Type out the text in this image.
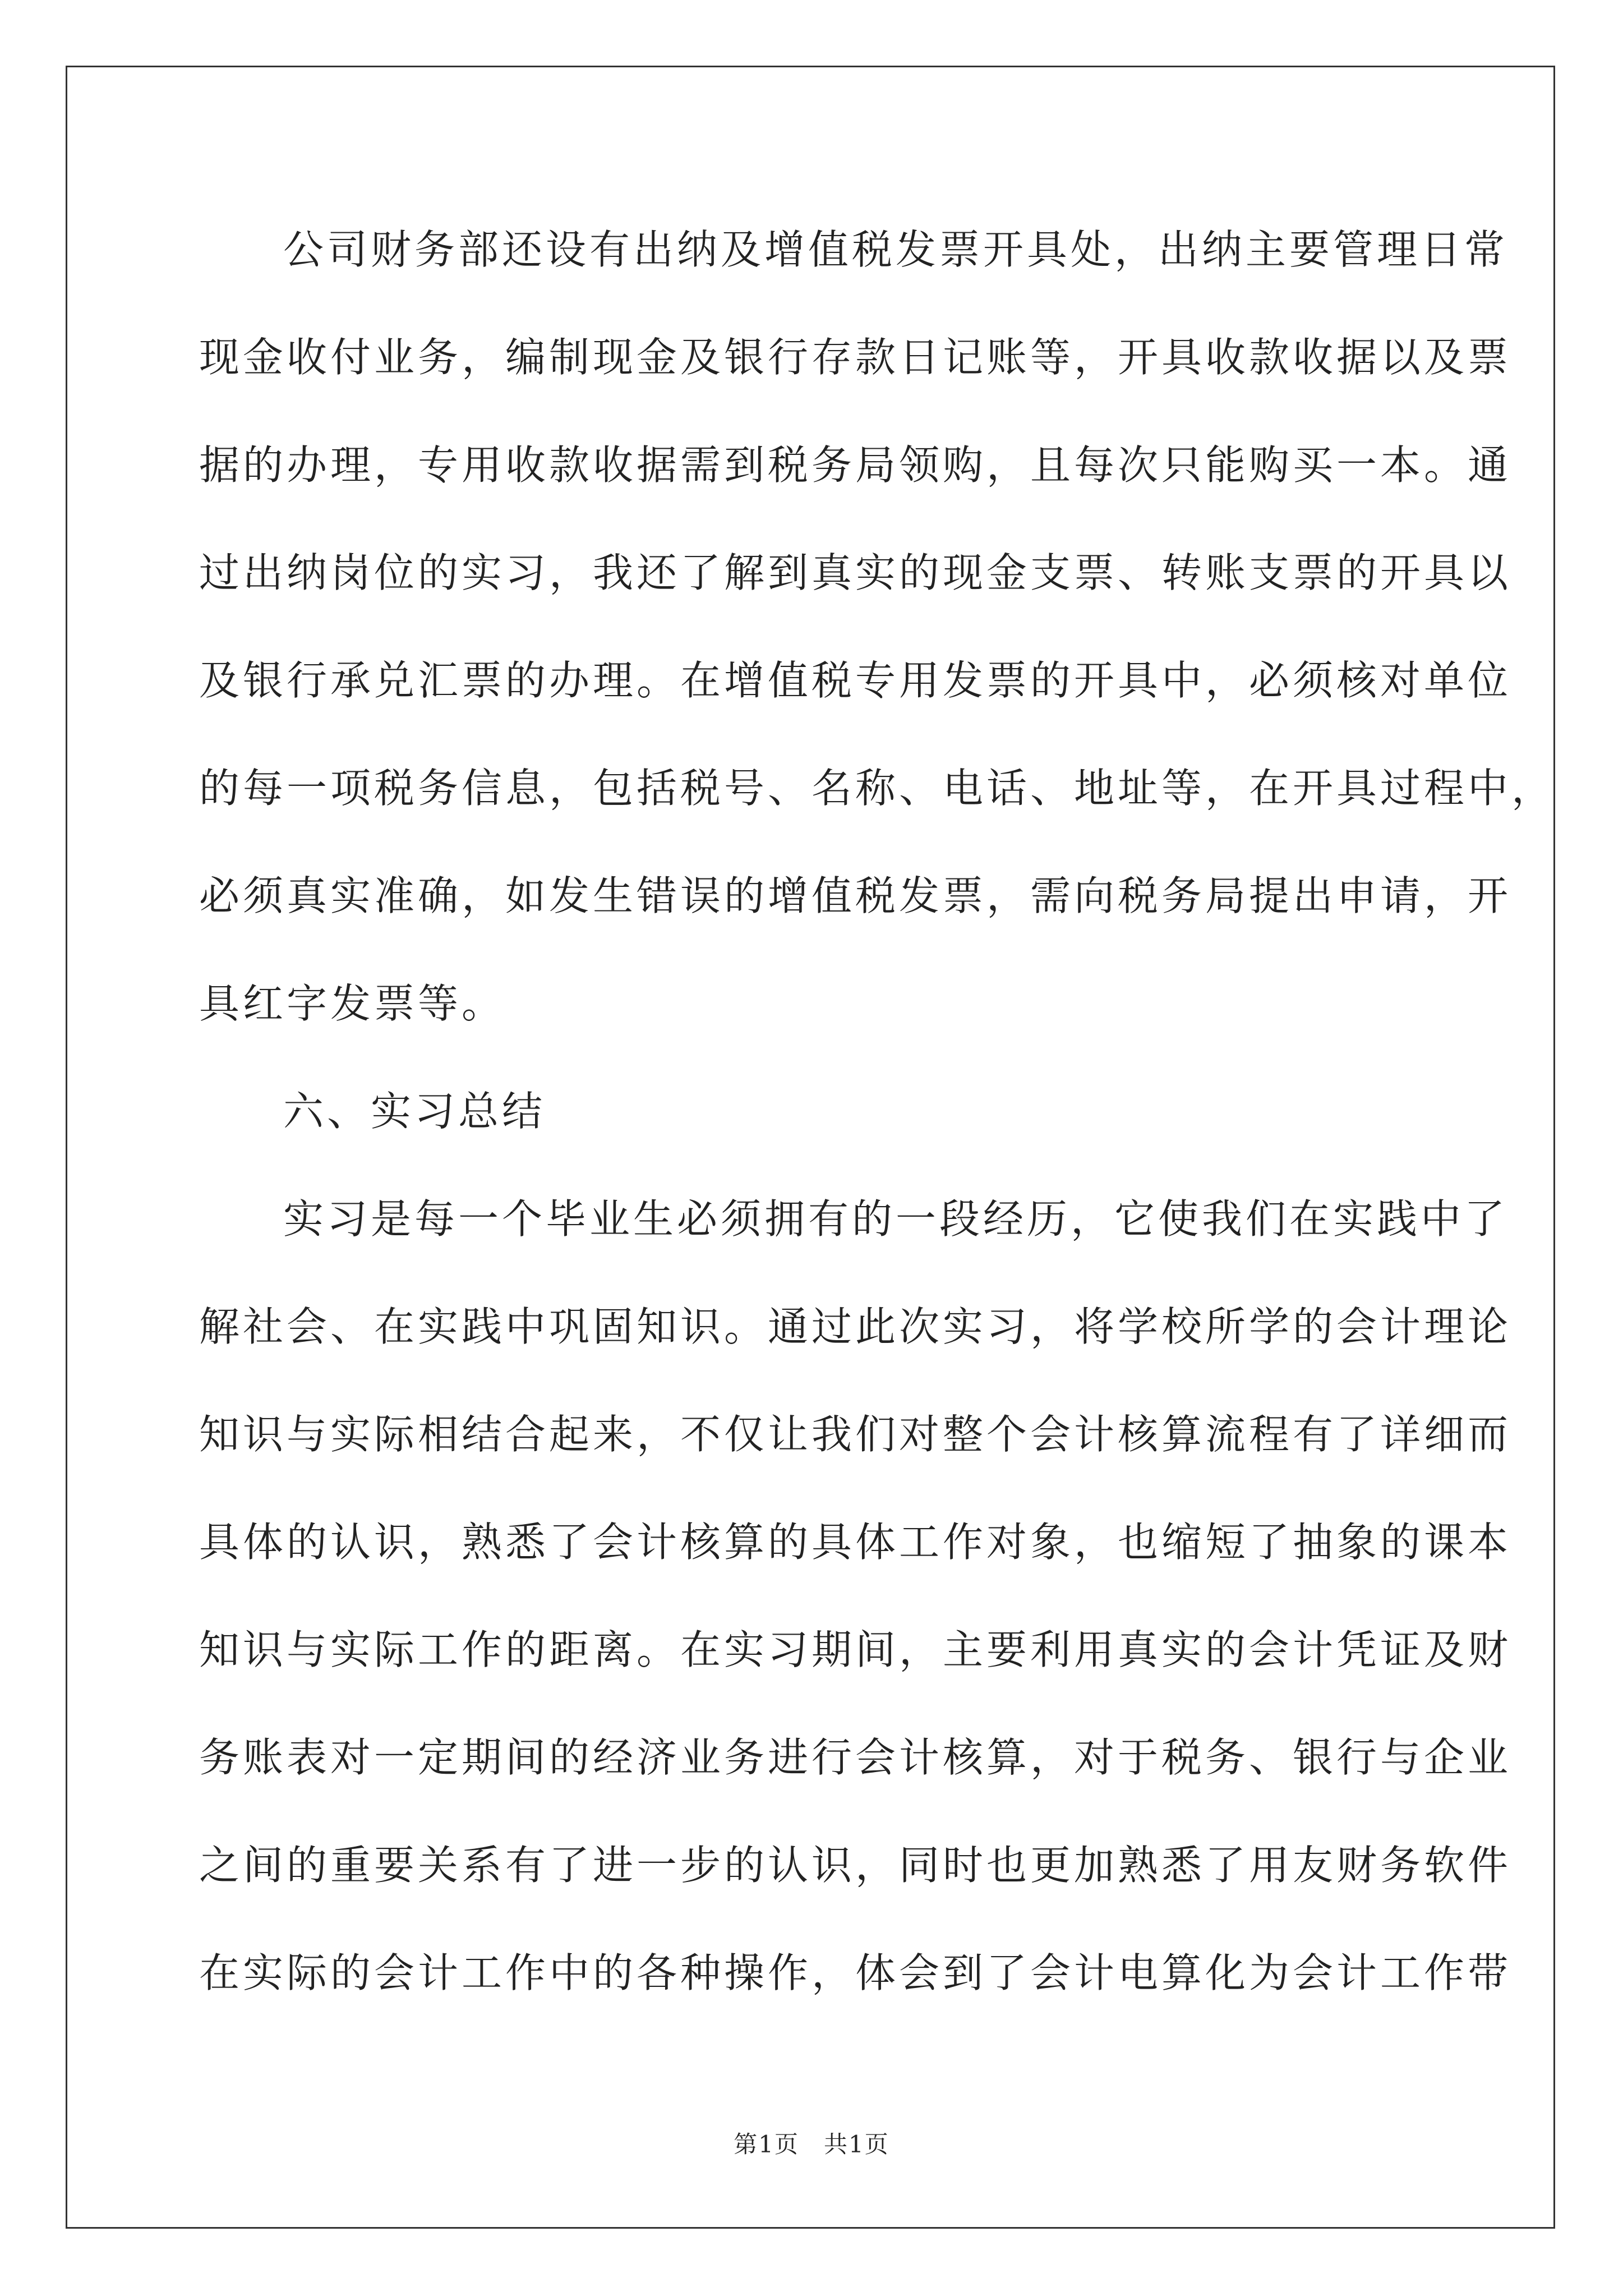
公司财务部还设有出纳及增值税发票开具处，出纳主要管理日常
现金收付业务，编制现金及银行存款日记账等，开具收款收据以及票
据的办理，专用收款收据需到税务局领购，且每次只能购买一本。通
过出纳岗位的实习，我还了解到真实的现金支票、转账支票的开具以
及银行承兑汇票的办理。在增值税专用发票的开具中，必须核对单位
的每一项税务信息，包括税号、名称、电话、地址等，在开具过程中，
必须真实准确，如发生错误的增值税发票，需向税务局提出申请，开
具红字发票等。
六、实习总结
实习是每一个毕业生必须拥有的一段经历，它使我们在实践中了
解社会、在实践中巩固知识。通过此次实习，将学校所学的会计理论
知识与实际相结合起来，不仅让我们对整个会计核算流程有了详细而
具体的认识，熟悉了会计核算的具体工作对象，也缩短了抽象的课本
知识与实际工作的距离。在实习期间，主要利用真实的会计凭证及财
务账表对一定期间的经济业务进行会计核算，对于税务、银行与企业
之间的重要关系有了进一步的认识，同时也更加熟悉了用友财务软件
在实际的会计工作中的各种操作，体会到了会计电算化为会计工作带
第1页　共1页
